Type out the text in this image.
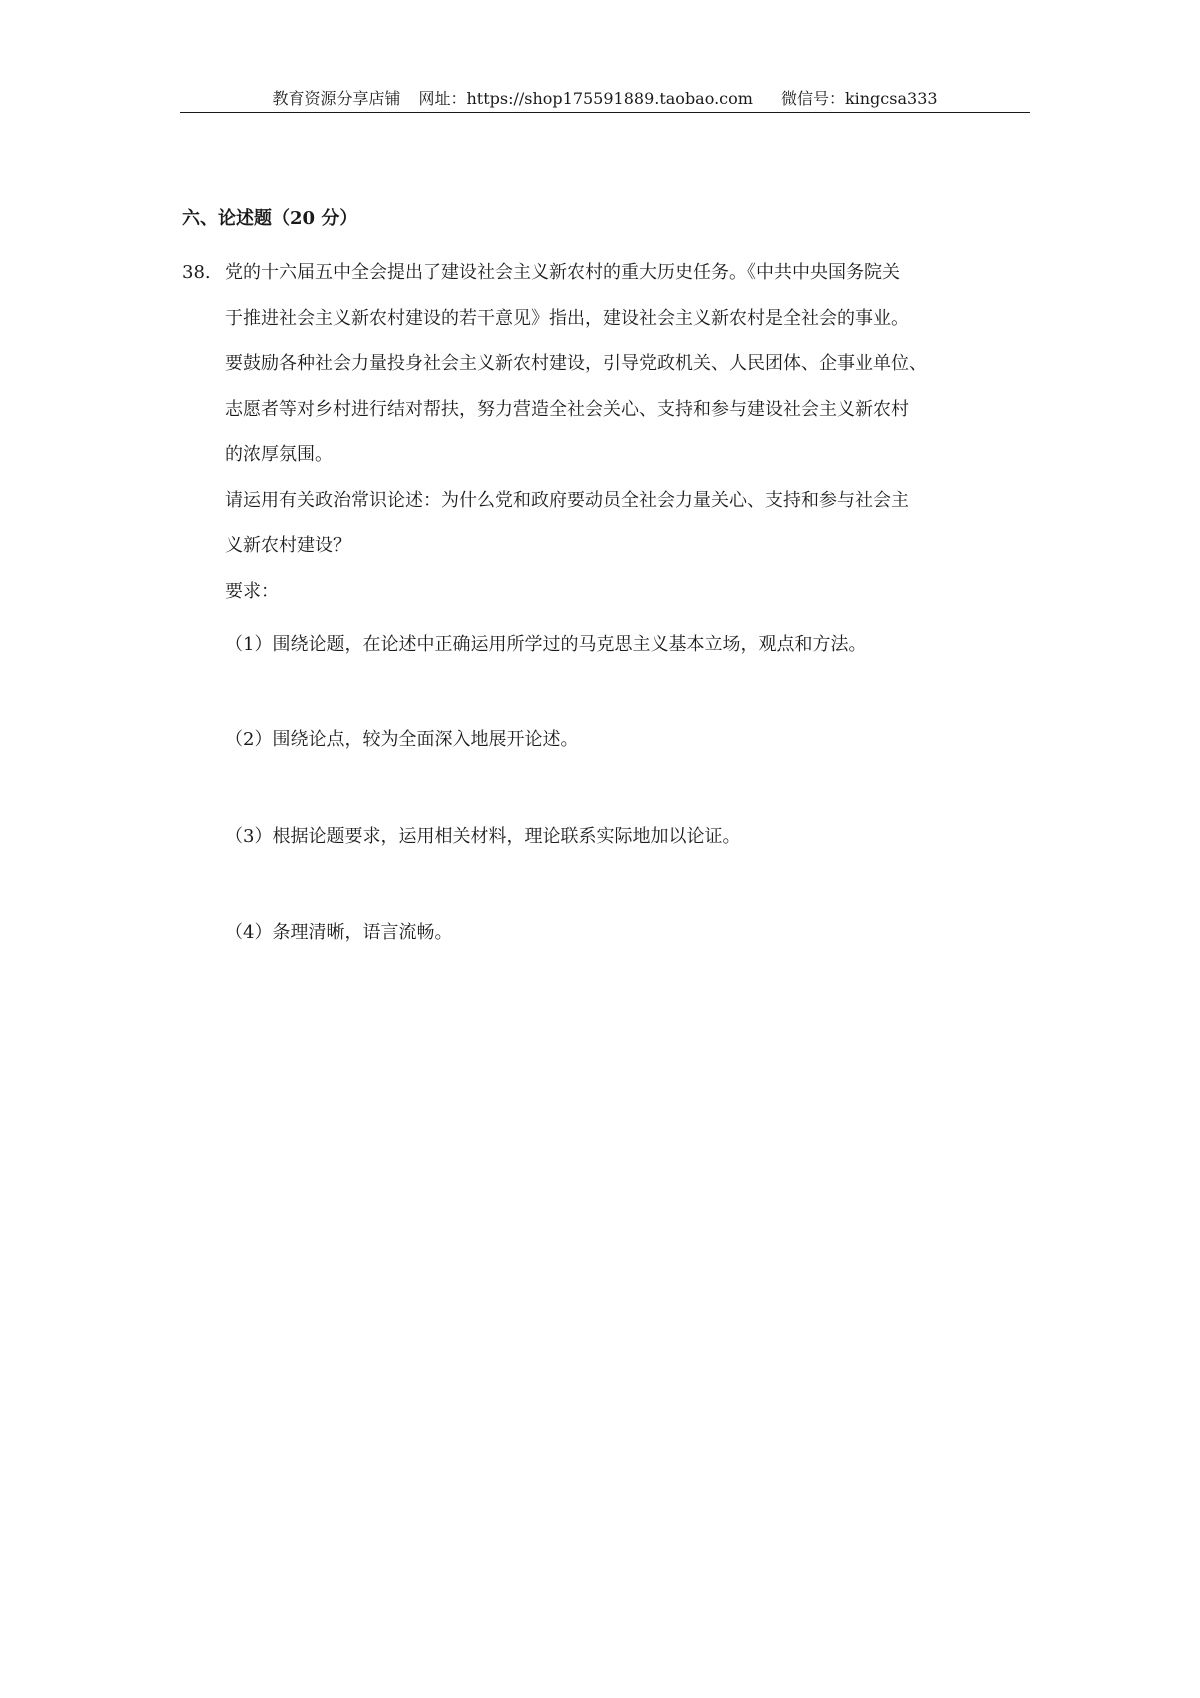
教育资源分享店铺 网址：https://shop175591889.taobao.com 微信号：kingcsa333
六、论述题（20 分）
38. 党的十六届五中全会提出了建设社会主义新农村的重大历史任务。《中共中央国务院关
于推进社会主义新农村建设的若干意见》指出，建设社会主义新农村是全社会的事业。
要鼓励各种社会力量投身社会主义新农村建设，引导党政机关、人民团体、企事业单位、
志愿者等对乡村进行结对帮扶，努力营造全社会关心、支持和参与建设社会主义新农村
的浓厚氛围。
请运用有关政治常识论述：为什么党和政府要动员全社会力量关心、支持和参与社会主
义新农村建设？
要求：
（1）围绕论题，在论述中正确运用所学过的马克思主义基本立场，观点和方法。
（2）围绕论点，较为全面深入地展开论述。
（3）根据论题要求，运用相关材料，理论联系实际地加以论证。
（4）条理清晰，语言流畅。
